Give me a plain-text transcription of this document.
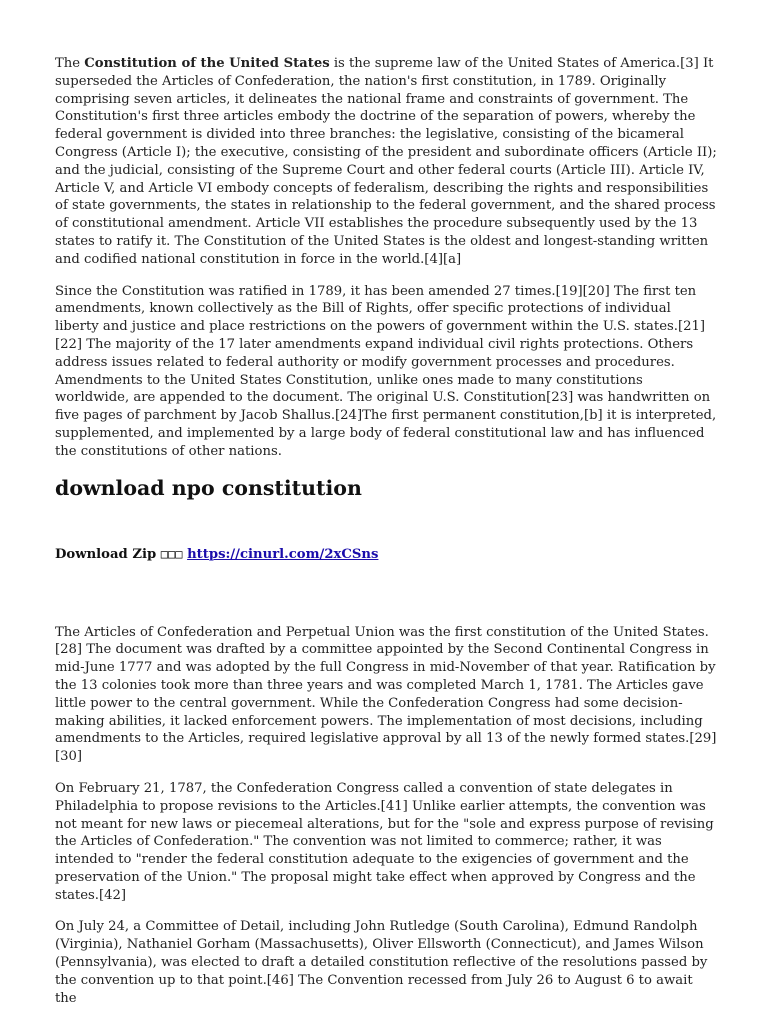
The Constitution of the United States is the supreme law of the United States of America.[3] It superseded the Articles of Confederation, the nation's first constitution, in 1789. Originally comprising seven articles, it delineates the national frame and constraints of government. The Constitution's first three articles embody the doctrine of the separation of powers, whereby the federal government is divided into three branches: the legislative, consisting of the bicameral Congress (Article I); the executive, consisting of the president and subordinate officers (Article II); and the judicial, consisting of the Supreme Court and other federal courts (Article III). Article IV, Article V, and Article VI embody concepts of federalism, describing the rights and responsibilities of state governments, the states in relationship to the federal government, and the shared process of constitutional amendment. Article VII establishes the procedure subsequently used by the 13 states to ratify it. The Constitution of the United States is the oldest and longest-standing written and codified national constitution in force in the world.[4][a]

Since the Constitution was ratified in 1789, it has been amended 27 times.[19][20] The first ten amendments, known collectively as the Bill of Rights, offer specific protections of individual liberty and justice and place restrictions on the powers of government within the U.S. states.[21][22] The majority of the 17 later amendments expand individual civil rights protections. Others address issues related to federal authority or modify government processes and procedures. Amendments to the United States Constitution, unlike ones made to many constitutions worldwide, are appended to the document. The original U.S. Constitution[23] was handwritten on five pages of parchment by Jacob Shallus.[24]The first permanent constitution,[b] it is interpreted, supplemented, and implemented by a large body of federal constitutional law and has influenced the constitutions of other nations.

download npo constitution
Download Zip □□□ https://cinurl.com/2xCSns

The Articles of Confederation and Perpetual Union was the first constitution of the United States.[28] The document was drafted by a committee appointed by the Second Continental Congress in mid-June 1777 and was adopted by the full Congress in mid-November of that year. Ratification by the 13 colonies took more than three years and was completed March 1, 1781. The Articles gave little power to the central government. While the Confederation Congress had some decision-making abilities, it lacked enforcement powers. The implementation of most decisions, including amendments to the Articles, required legislative approval by all 13 of the newly formed states.[29][30]

On February 21, 1787, the Confederation Congress called a convention of state delegates in Philadelphia to propose revisions to the Articles.[41] Unlike earlier attempts, the convention was not meant for new laws or piecemeal alterations, but for the "sole and express purpose of revising the Articles of Confederation." The convention was not limited to commerce; rather, it was intended to "render the federal constitution adequate to the exigencies of government and the preservation of the Union." The proposal might take effect when approved by Congress and the states.[42]

On July 24, a Committee of Detail, including John Rutledge (South Carolina), Edmund Randolph (Virginia), Nathaniel Gorham (Massachusetts), Oliver Ellsworth (Connecticut), and James Wilson (Pennsylvania), was elected to draft a detailed constitution reflective of the resolutions passed by the convention up to that point.[46] The Convention recessed from July 26 to August 6 to await the
